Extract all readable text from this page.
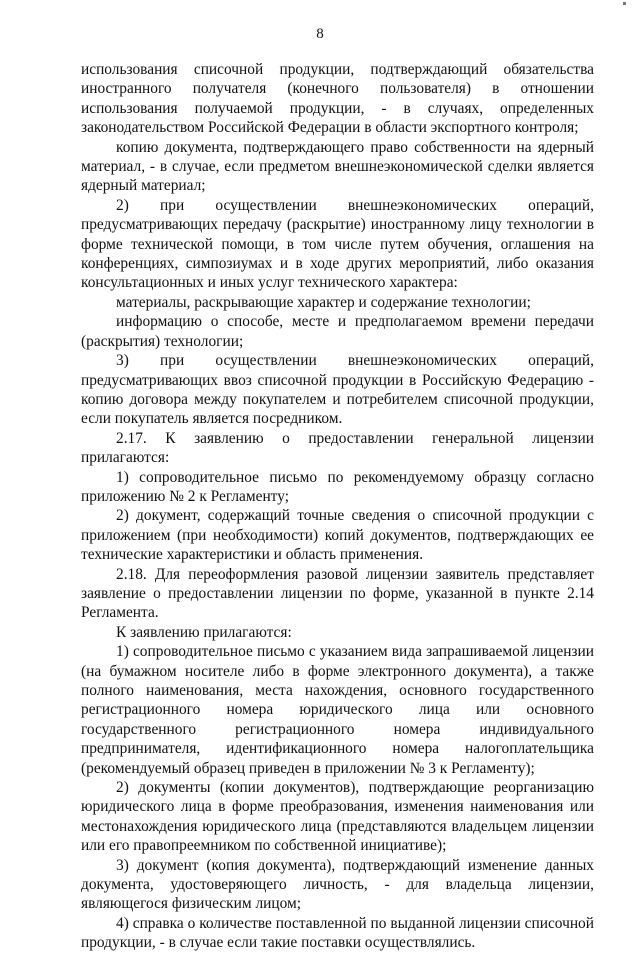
8

использования списочной продукции, подтверждающий обязательства иностранного получателя (конечного пользователя) в отношении использования получаемой продукции, - в случаях, определенных законодательством Российской Федерации в области экспортного контроля;

копию документа, подтверждающего право собственности на ядерный материал, - в случае, если предметом внешнеэкономической сделки является ядерный материал;

2) при осуществлении внешнеэкономических операций, предусматривающих передачу (раскрытие) иностранному лицу технологии в форме технической помощи, в том числе путем обучения, оглашения на конференциях, симпозиумах и в ходе других мероприятий, либо оказания консультационных и иных услуг технического характера:

материалы, раскрывающие характер и содержание технологии;

информацию о способе, месте и предполагаемом времени передачи (раскрытия) технологии;

3) при осуществлении внешнеэкономических операций, предусматривающих ввоз списочной продукции в Российскую Федерацию - копию договора между покупателем и потребителем списочной продукции, если покупатель является посредником.

2.17. К заявлению о предоставлении генеральной лицензии прилагаются:

1) сопроводительное письмо по рекомендуемому образцу согласно приложению № 2 к Регламенту;

2) документ, содержащий точные сведения о списочной продукции с приложением (при необходимости) копий документов, подтверждающих ее технические характеристики и область применения.

2.18. Для переоформления разовой лицензии заявитель представляет заявление о предоставлении лицензии по форме, указанной в пункте 2.14 Регламента.

К заявлению прилагаются:

1) сопроводительное письмо с указанием вида запрашиваемой лицензии (на бумажном носителе либо в форме электронного документа), а также полного наименования, места нахождения, основного государственного регистрационного номера юридического лица или основного государственного регистрационного номера индивидуального предпринимателя, идентификационного номера налогоплательщика (рекомендуемый образец приведен в приложении № 3 к Регламенту);

2) документы (копии документов), подтверждающие реорганизацию юридического лица в форме преобразования, изменения наименования или местонахождения юридического лица (представляются владельцем лицензии или его правопреемником по собственной инициативе);

3) документ (копия документа), подтверждающий изменение данных документа, удостоверяющего личность, - для владельца лицензии, являющегося физическим лицом;

4) справка о количестве поставленной по выданной лицензии списочной продукции, - в случае если такие поставки осуществлялись.
